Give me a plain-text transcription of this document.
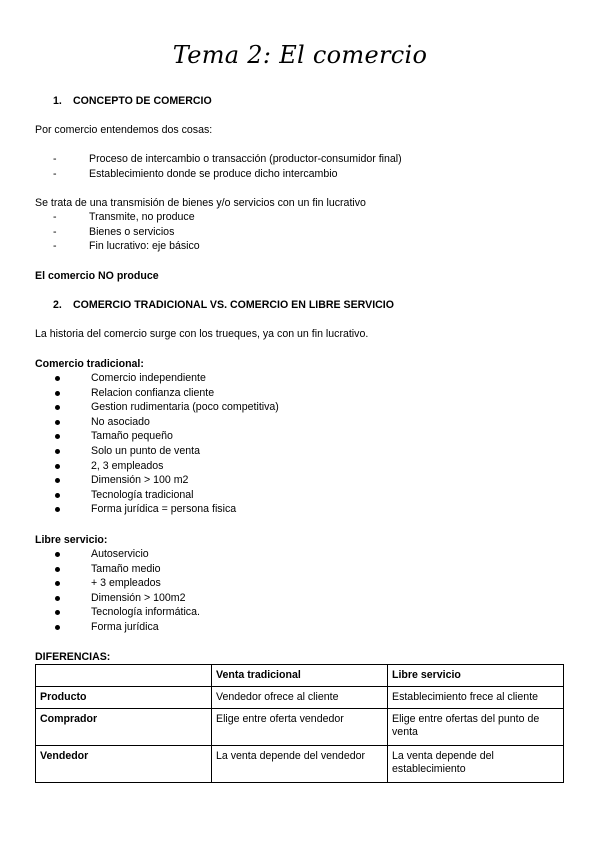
Tema 2: El comercio
1. CONCEPTO DE COMERCIO
Por comercio entendemos dos cosas:
-	Proceso de intercambio o transacción (productor-consumidor final)
-	Establecimiento donde se produce dicho intercambio
Se trata de una transmisión de bienes y/o servicios con un fin lucrativo
-	Transmite, no produce
-	Bienes o servicios
-	Fin lucrativo: eje básico
El comercio NO produce
2. COMERCIO TRADICIONAL VS. COMERCIO EN LIBRE SERVICIO
La historia del comercio surge con los trueques, ya con un fin lucrativo.
Comercio tradicional:
Comercio independiente
Relacion confianza cliente
Gestion rudimentaria (poco competitiva)
No asociado
Tamaño pequeño
Solo un punto de venta
2, 3 empleados
Dimensión > 100 m2
Tecnología tradicional
Forma jurídica = persona fisica
Libre servicio:
Autoservicio
Tamaño medio
+ 3 empleados
Dimensión > 100m2
Tecnología informática.
Forma jurídica
DIFERENCIAS:
	Venta tradicional	Libre servicio
Producto	Vendedor ofrece al cliente	Establecimiento frece al cliente
Comprador	Elige entre oferta vendedor	Elige entre ofertas del punto de venta
Vendedor	La venta depende del vendedor	La venta depende del establecimiento
